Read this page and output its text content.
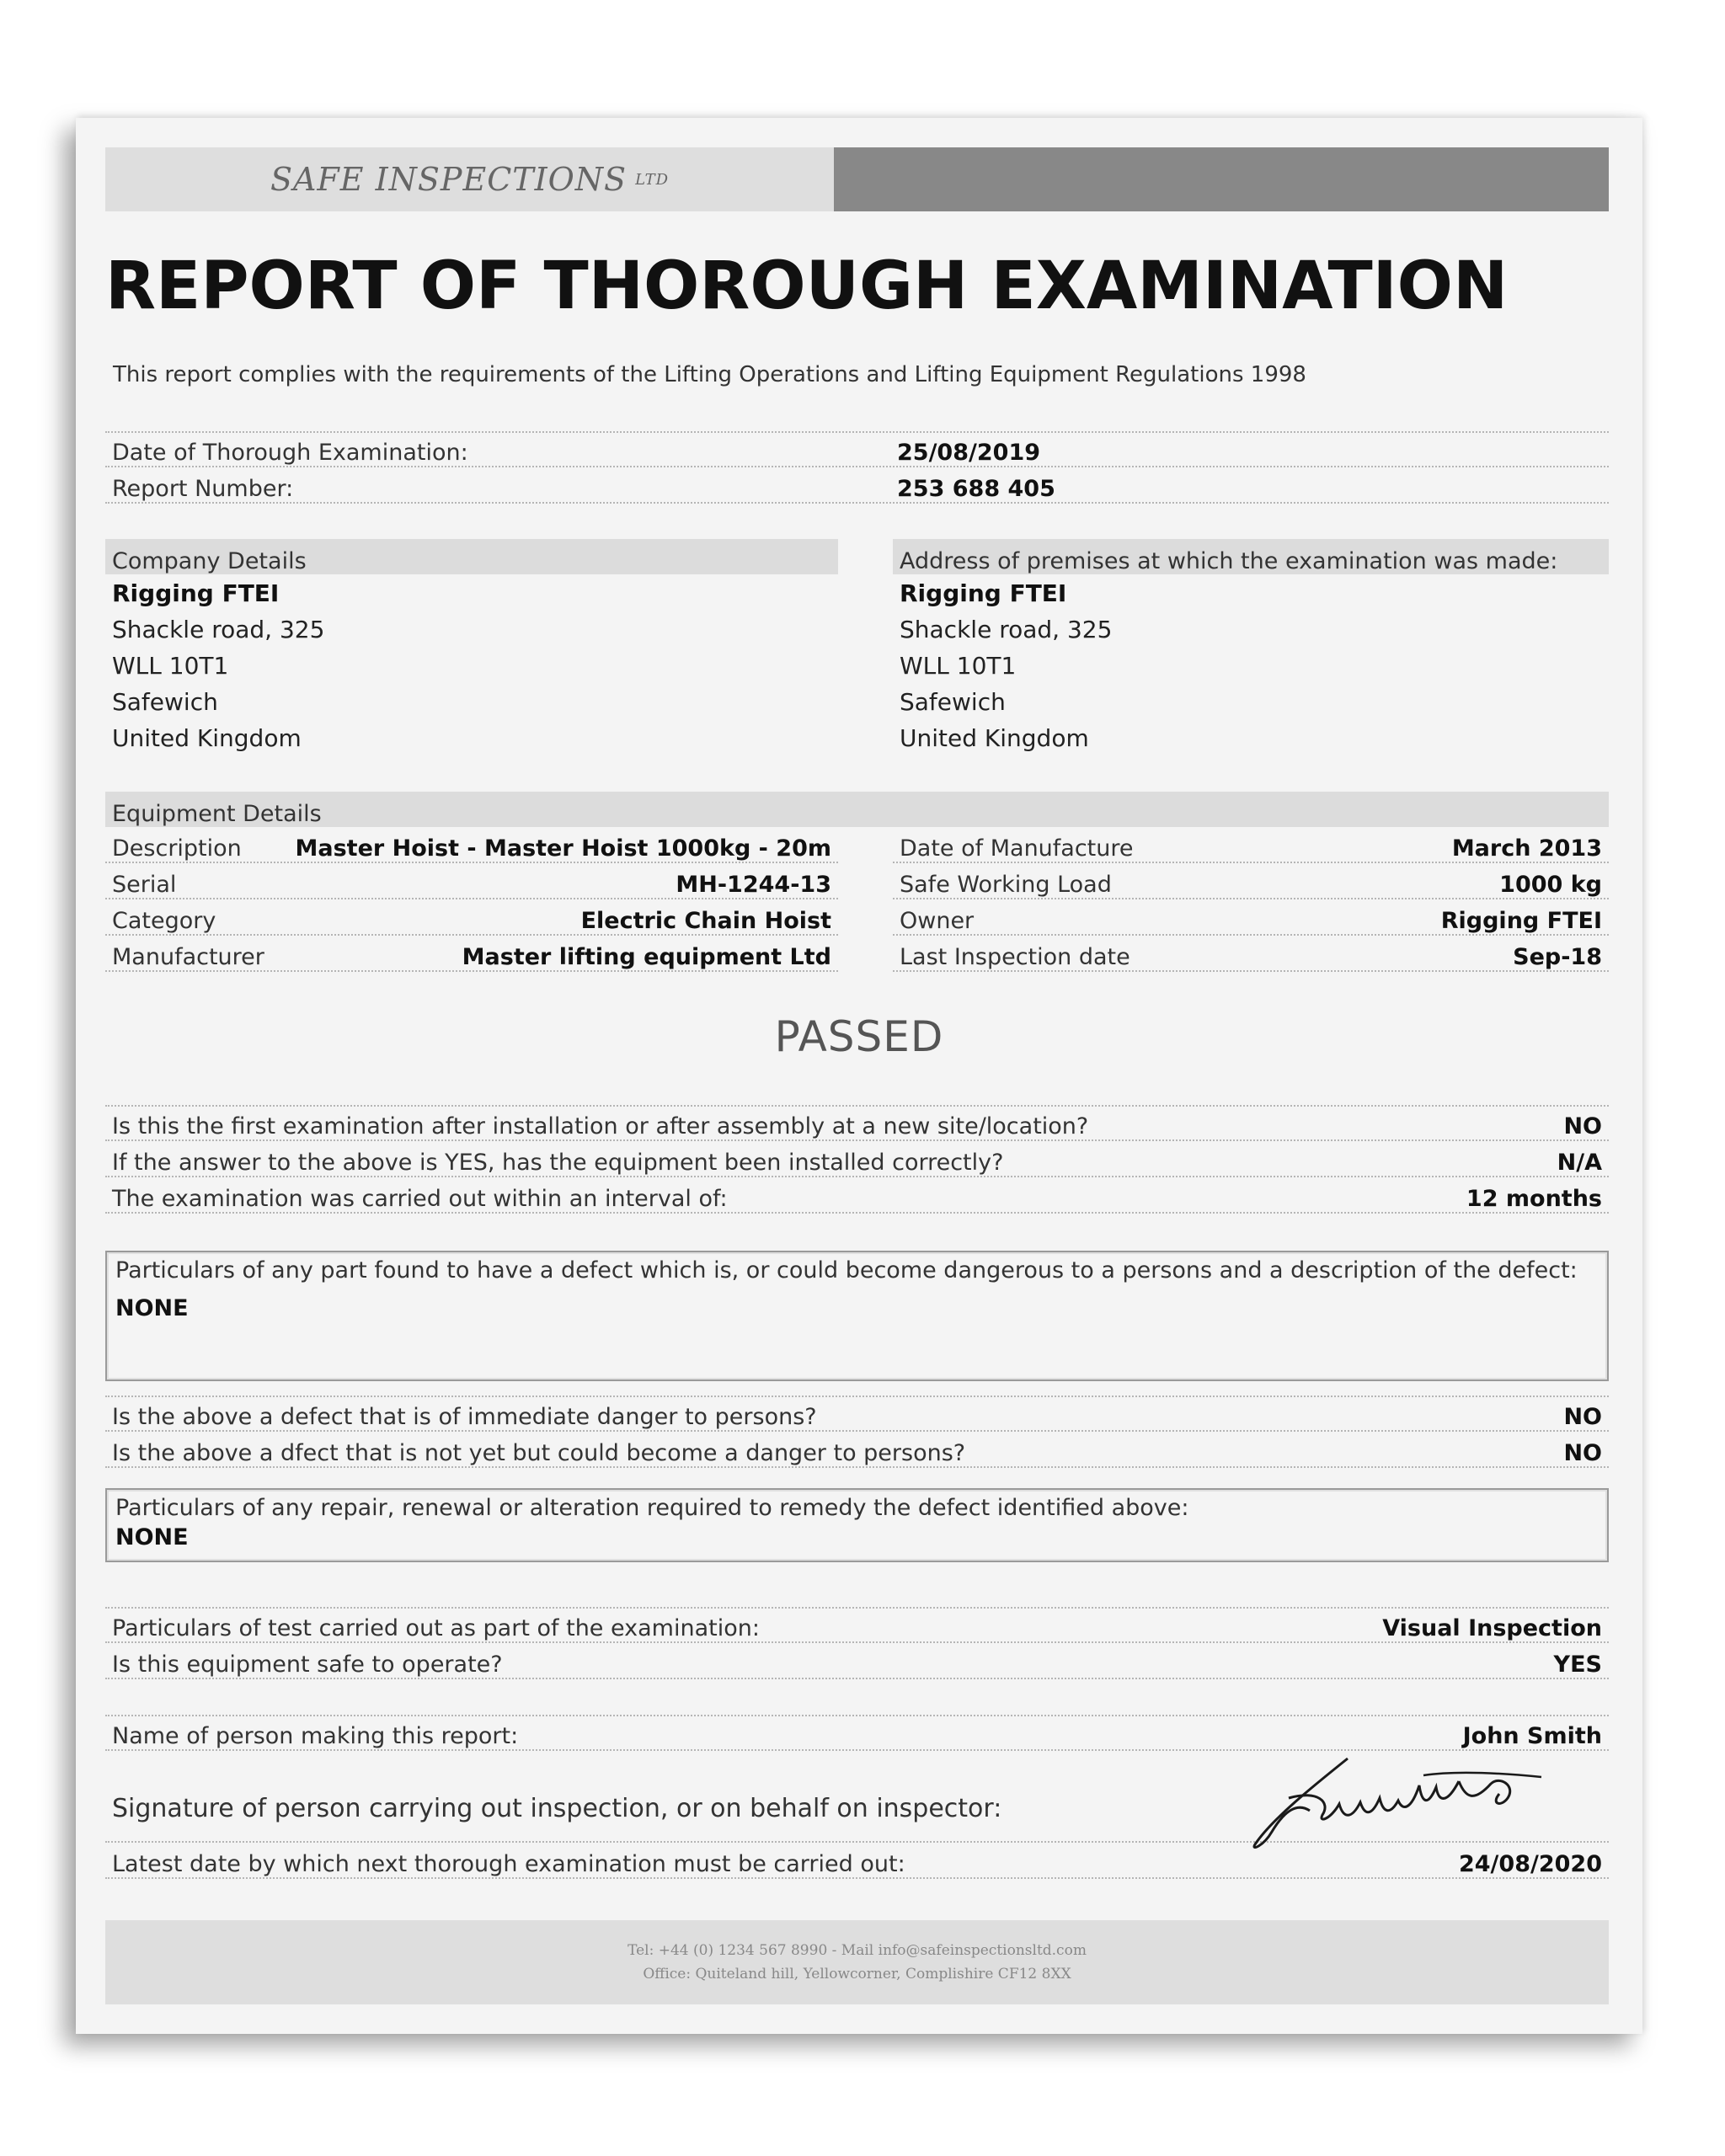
SAFE INSPECTIONS LTD
REPORT OF THOROUGH EXAMINATION
This report complies with the requirements of the Lifting Operations and Lifting Equipment Regulations 1998
Date of Thorough Examination:	25/08/2019
Report Number:	253 688 405
Company Details	Address of premises at which the examination was made:
Rigging FTEI
Shackle road, 325
WLL 10T1
Safewich
United Kingdom
Rigging FTEI
Shackle road, 325
WLL 10T1
Safewich
United Kingdom
Equipment Details
Description Master Hoist - Master Hoist 1000kg - 20m
Serial	MH-1244-13
Category	Electric Chain Hoist
Manufacturer	Master lifting equipment Ltd
Date of Manufacture	March 2013
Safe Working Load	1000 kg
Owner	Rigging FTEI
Last Inspection date	Sep-18
PASSED
Is this the first examination after installation or after assembly at a new site/location?	NO
If the answer to the above is YES, has the equipment been installed correctly?	N/A
The examination was carried out within an interval of:	12 months
Particulars of any part found to have a defect which is, or could become dangerous to a persons and a description of the defect:
NONE
Is the above a defect that is of immediate danger to persons?	NO
Is the above a dfect that is not yet but could become a danger to persons?	NO
Particulars of any repair, renewal or alteration required to remedy the defect identified above:
NONE
Particulars of test carried out as part of the examination:	Visual Inspection
Is this equipment safe to operate?	YES
Name of person making this report:	John Smith
Signature of person carrying out inspection, or on behalf on inspector:
Latest date by which next thorough examination must be carried out:	24/08/2020
Tel: +44 (0) 1234 567 8990 - Mail info@safeinspectionsltd.com
Office: Quiteland hill, Yellowcorner, Complishire CF12 8XX
